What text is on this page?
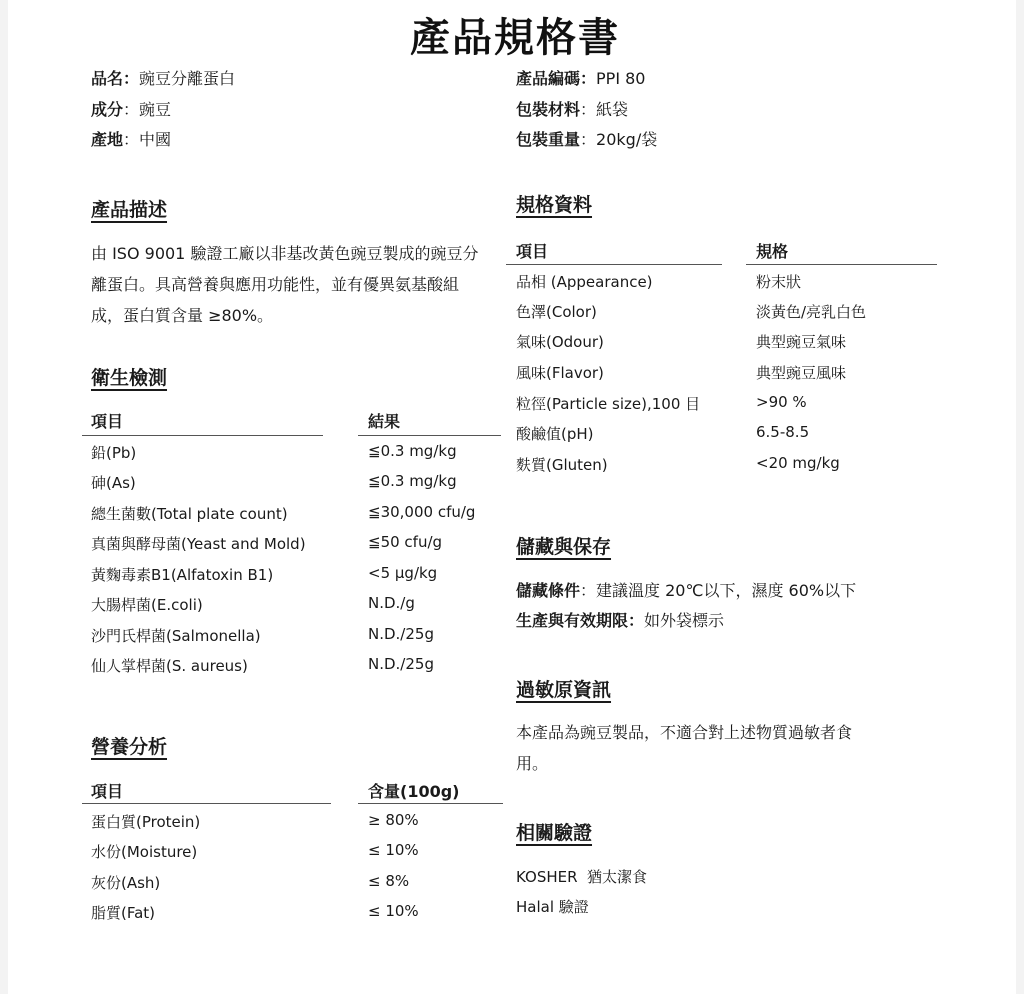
產品規格書
品名：豌豆分離蛋白
成分：豌豆
產地：中國
產品編碼：PPI 80
包裝材料：紙袋
包裝重量：20kg/袋
產品描述
由 ISO 9001 驗證工廠以非基改黃色豌豆製成的豌豆分
離蛋白。具高營養與應用功能性，並有優異氨基酸組
成，蛋白質含量 ≥80%。
衛生檢測
項目	結果
鉛(Pb)	≦0.3 mg/kg
砷(As)	≦0.3 mg/kg
總生菌數(Total plate count)	≦30,000 cfu/g
真菌與酵母菌(Yeast and Mold)	≦50 cfu/g
黃麴毒素B1(Alfatoxin B1)	<5 µg/kg
大腸桿菌(E.coli)	N.D./g
沙門氏桿菌(Salmonella)	N.D./25g
仙人掌桿菌(S. aureus)	N.D./25g
營養分析
項目	含量(100g)
蛋白質(Protein)	≥ 80%
水份(Moisture)	≤ 10%
灰份(Ash)	≤ 8%
脂質(Fat)	≤ 10%
規格資料
項目	規格
品相 (Appearance)	粉末狀
色澤(Color)	淡黃色/亮乳白色
氣味(Odour)	典型豌豆氣味
風味(Flavor)	典型豌豆風味
粒徑(Particle size),100 目	>90 %
酸鹼值(pH)	6.5-8.5
麩質(Gluten)	<20 mg/kg
儲藏與保存
儲藏條件：建議溫度 20℃以下，濕度 60%以下
生產與有效期限：如外袋標示
過敏原資訊
本產品為豌豆製品，不適合對上述物質過敏者食
用。
相關驗證
KOSHER  猶太潔食
Halal 驗證
